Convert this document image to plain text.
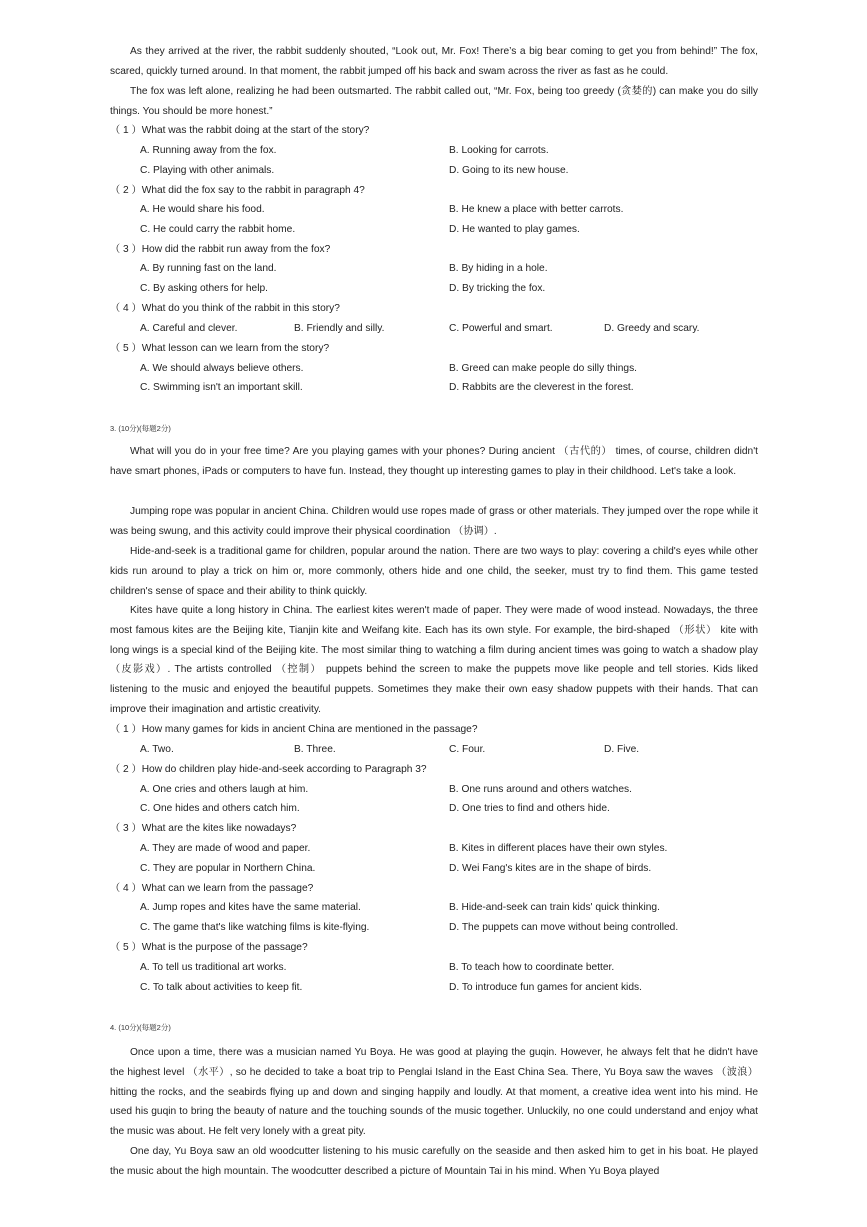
As they arrived at the river, the rabbit suddenly shouted, “Look out, Mr. Fox! There’s a big bear coming to get you from behind!” The fox, scared, quickly turned around. In that moment, the rabbit jumped off his back and swam across the river as fast as he could.

The fox was left alone, realizing he had been outsmarted. The rabbit called out, “Mr. Fox, being too greedy (贪婪的) can make you do silly things. You should be more honest.”

（ 1 ）What was the rabbit doing at the start of the story?
A. Running away from the fox.	B. Looking for carrots.
C. Playing with other animals.	D. Going to its new house.
（ 2 ）What did the fox say to the rabbit in paragraph 4?
A. He would share his food.	B. He knew a place with better carrots.
C. He could carry the rabbit home.	D. He wanted to play games.
（ 3 ）How did the rabbit run away from the fox?
A. By running fast on the land.	B. By hiding in a hole.
C. By asking others for help.	D. By tricking the fox.
（ 4 ）What do you think of the rabbit in this story?
A. Careful and clever.	B. Friendly and silly.	C. Powerful and smart.	D. Greedy and scary.
（ 5 ）What lesson can we learn from the story?
A. We should always believe others.	B. Greed can make people do silly things.
C. Swimming isn't an important skill.	D. Rabbits are the cleverest in the forest.
3. (10分)(每题2分)

What will you do in your free time? Are you playing games with your phones? During ancient （古代的） times, of course, children didn't have smart phones, iPads or computers to have fun. Instead, they thought up interesting games to play in their childhood. Let's take a look.

Jumping rope was popular in ancient China. Children would use ropes made of grass or other materials. They jumped over the rope while it was being swung, and this activity could improve their physical coordination （协调）.

Hide-and-seek is a traditional game for children, popular around the nation. There are two ways to play: covering a child's eyes while other kids run around to play a trick on him or, more commonly, others hide and one child, the seeker, must try to find them. This game tested children's sense of space and their ability to think quickly.

Kites have quite a long history in China. The earliest kites weren't made of paper. They were made of wood instead. Nowadays, the three most famous kites are the Beijing kite, Tianjin kite and Weifang kite. Each has its own style. For example, the bird-shaped （形状） kite with long wings is a special kind of the Beijing kite. The most similar thing to watching a film during ancient times was going to watch a shadow play （皮影戏）. The artists controlled （控制） puppets behind the screen to make the puppets move like people and tell stories. Kids liked listening to the music and enjoyed the beautiful puppets. Sometimes they make their own easy shadow puppets with their hands. That can improve their imagination and artistic creativity.

（ 1 ）How many games for kids in ancient China are mentioned in the passage?
A. Two.	B. Three.	C. Four.	D. Five.
（ 2 ）How do children play hide-and-seek according to Paragraph 3?
A. One cries and others laugh at him.	B. One runs around and others watches.
C. One hides and others catch him.	D. One tries to find and others hide.
（ 3 ）What are the kites like nowadays?
A. They are made of wood and paper.	B. Kites in different places have their own styles.
C. They are popular in Northern China.	D. Wei Fang's kites are in the shape of birds.
（ 4 ）What can we learn from the passage?
A. Jump ropes and kites have the same material.	B. Hide-and-seek can train kids' quick thinking.
C. The game that's like watching films is kite-flying.	D. The puppets can move without being controlled.
（ 5 ）What is the purpose of the passage?
A. To tell us traditional art works.	B. To teach how to coordinate better.
C. To talk about activities to keep fit.	D. To introduce fun games for ancient kids.
4. (10分)(每题2分)

Once upon a time, there was a musician named Yu Boya. He was good at playing the guqin. However, he always felt that he didn't have the highest level （水平）, so he decided to take a boat trip to Penglai Island in the East China Sea. There, Yu Boya saw the waves （波浪） hitting the rocks, and the seabirds flying up and down and singing happily and loudly. At that moment, a creative idea went into his mind. He used his guqin to bring the beauty of nature and the touching sounds of the music together. Unluckily, no one could understand and enjoy what the music was about. He felt very lonely with a great pity.

One day, Yu Boya saw an old woodcutter listening to his music carefully on the seaside and then asked him to get in his boat. He played the music about the high mountain. The woodcutter described a picture of Mountain Tai in his mind. When Yu Boya played
